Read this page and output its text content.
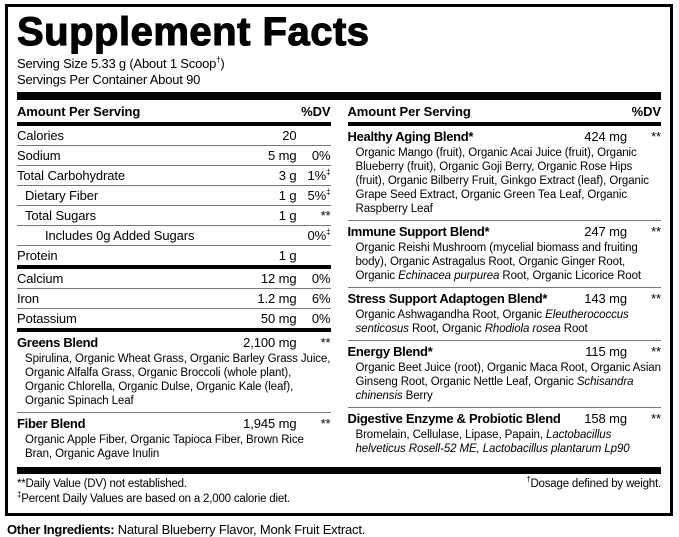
Supplement Facts
Serving Size 5.33 g (About 1 Scoop†)
Servings Per Container About 90
Amount Per Serving	%DV
Calories	20
Sodium	5 mg	0%
Total Carbohydrate	3 g 1%‡
Dietary Fiber	1 g 5%‡
Total Sugars	1 g	**
Includes 0g Added Sugars	0%‡
Protein	1 g
Calcium	12 mg	0%
Iron	1.2 mg	6%
Potassium	50 mg	0%
Greens Blend	2,100 mg	**
Spirulina, Organic Wheat Grass, Organic Barley Grass Juice, Organic Alfalfa Grass, Organic Broccoli (whole plant), Organic Chlorella, Organic Dulse, Organic Kale (leaf), Organic Spinach Leaf
Fiber Blend	1,945 mg	**
Organic Apple Fiber, Organic Tapioca Fiber, Brown Rice Bran, Organic Agave Inulin
Amount Per Serving	%DV
Healthy Aging Blend*	424 mg	**
Organic Mango (fruit), Organic Acai Juice (fruit), Organic Blueberry (fruit), Organic Goji Berry, Organic Rose Hips (fruit), Organic Bilberry Fruit, Ginkgo Extract (leaf), Organic Grape Seed Extract, Organic Green Tea Leaf, Organic Raspberry Leaf
Immune Support Blend*	247 mg	**
Organic Reishi Mushroom (mycelial biomass and fruiting body), Organic Astragalus Root, Organic Ginger Root, Organic Echinacea purpurea Root, Organic Licorice Root
Stress Support Adaptogen Blend*	143 mg	**
Organic Ashwagandha Root, Organic Eleutherococcus senticosus Root, Organic Rhodiola rosea Root
Energy Blend*	115 mg	**
Organic Beet Juice (root), Organic Maca Root, Organic Asian Ginseng Root, Organic Nettle Leaf, Organic Schisandra chinensis Berry
Digestive Enzyme & Probiotic Blend	158 mg	**
Bromelain, Cellulase, Lipase, Papain, Lactobacillus helveticus Rosell-52 ME, Lactobacillus plantarum Lp90
**Daily Value (DV) not established.
‡Percent Daily Values are based on a 2,000 calorie diet.
†Dosage defined by weight.
Other Ingredients: Natural Blueberry Flavor, Monk Fruit Extract.
